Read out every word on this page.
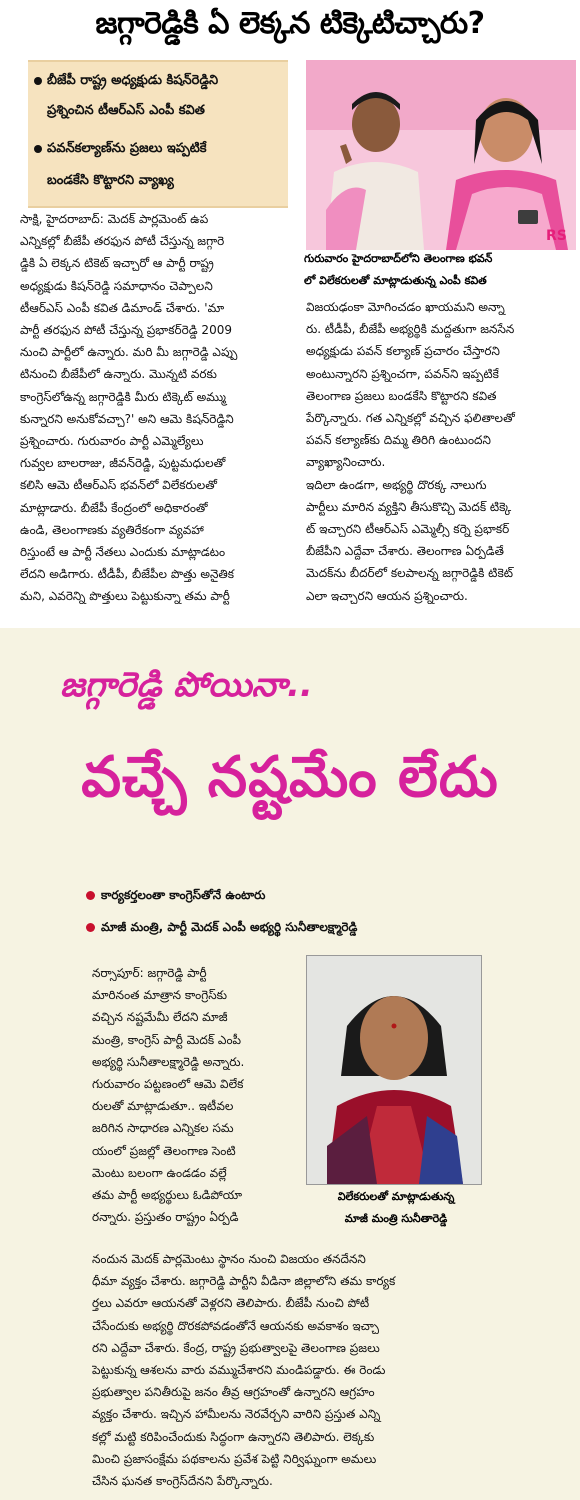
జగ్గారెడ్డికి ఏ లెక్కన టిక్కెటిచ్చారు?
బీజేపీ రాష్ట్ర అధ్యక్షుడు కిషన్‌రెడ్డిని
ప్రశ్నించిన టీఆర్‌ఎస్ ఎంపీ కవిత
పవన్‌కల్యాణ్‌ను ప్రజలు ఇప్పటికే
బండకేసి కొట్టారని వ్యాఖ్య
RS
గురువారం హైదరాబాద్‌లోని తెలంగాణ భవన్
లో విలేకరులతో మాట్లాడుతున్న ఎంపీ కవిత
సాక్షి, హైదరాబాద్: మెదక్ పార్లమెంట్ ఉప
ఎన్నికల్లో బీజేపీ తరఫున పోటీ చేస్తున్న జగ్గారె
డ్డికి ఏ లెక్కన టికెట్ ఇచ్చారో ఆ పార్టీ రాష్ట్ర
అధ్యక్షుడు కిషన్‌రెడ్డి సమాధానం చెప్పాలని
టీఆర్‌ఎస్ ఎంపీ కవిత డిమాండ్ చేశారు. 'మా
పార్టీ తరఫున పోటీ చేస్తున్న ప్రభాకర్‌రెడ్డి 2009
నుంచి పార్టీలో ఉన్నారు. మరి మీ జగ్గారెడ్డి ఎప్పు
టినుంచి బీజేపీలో ఉన్నారు. మొన్నటి వరకు
కాంగ్రెస్‌లోఉన్న జగ్గారెడ్డికి మీరు టిక్కెట్ అమ్ము
కున్నారని అనుకోవచ్చా?' అని ఆమె కిషన్‌రెడ్డిని
ప్రశ్నించారు. గురువారం పార్టీ ఎమ్మెల్యేలు
గువ్వల బాలరాజు, జీవన్‌రెడ్డి, పుట్టమధులతో
కలిసి ఆమె టీఆర్‌ఎస్ భవన్‌లో విలేకరులతో
మాట్లాడారు. బీజేపీ కేంద్రంలో అధికారంతో
ఉండి, తెలంగాణకు వ్యతిరేకంగా వ్యవహా
రిస్తుంటే ఆ పార్టీ నేతలు ఎందుకు మాట్లాడటం
లేదని అడిగారు. టీడీపీ, బీజేపీల పొత్తు అనైతిక
మని, ఎవరెన్ని పొత్తులు పెట్టుకున్నా తమ పార్టీ
విజయఢంకా మోగించడం ఖాయమని అన్నా
రు. టీడీపీ, బీజేపీ అభ్యర్థికి మద్దతుగా జనసేన
అధ్యక్షుడు పవన్ కల్యాణ్ ప్రచారం చేస్తారని
అంటున్నారని ప్రశ్నించగా, పవన్‌ని ఇప్పటికే
తెలంగాణ ప్రజలు బండకేసి కొట్టారని కవిత
పేర్కొన్నారు. గత ఎన్నికల్లో వచ్చిన ఫలితాలతో
పవన్ కల్యాణ్‌కు దిమ్మ తిరిగి ఉంటుందని
వ్యాఖ్యానించారు.
ఇదిలా ఉండగా, అభ్యర్థి దొరక్క నాలుగు
పార్టీలు మారిన వ్యక్తిని తీసుకొచ్చి మెదక్ టిక్కె
ట్ ఇచ్చారని టీఆర్‌ఎస్ ఎమ్మెల్సీ కర్నె ప్రభాకర్
బీజేపీని ఎద్దేవా చేశారు. తెలంగాణ ఏర్పడితే
మెదక్‌ను బీదర్‌లో కలపాలన్న జగ్గారెడ్డికి టికెట్
ఎలా ఇచ్చారని ఆయన ప్రశ్నించారు.
జగ్గారెడ్డి పోయినా..
వచ్చే నష్టమేం లేదు
కార్యకర్తలంతా కాంగ్రెస్‌తోనే ఉంటారు
మాజీ మంత్రి, పార్టీ మెదక్ ఎంపీ అభ్యర్థి సునీతాలక్ష్మారెడ్డి
విలేకరులతో మాట్లాడుతున్న
మాజీ మంత్రి సునీతారెడ్డి
నర్సాపూర్: జగ్గారెడ్డి పార్టీ
మారినంత మాత్రాన కాంగ్రెస్‌కు
వచ్చిన నష్టమేమీ లేదని మాజీ
మంత్రి, కాంగ్రెస్ పార్టీ మెదక్ ఎంపీ
అభ్యర్థి సునీతాలక్ష్మారెడ్డి అన్నారు.
గురువారం పట్టణంలో ఆమె విలేక
రులతో మాట్లాడుతూ.. ఇటీవల
జరిగిన సాధారణ ఎన్నికల సమ
యంలో ప్రజల్లో తెలంగాణ సెంటి
మెంటు బలంగా ఉండడం వల్లే
తమ పార్టీ అభ్యర్థులు ఓడిపోయా
రన్నారు. ప్రస్తుతం రాష్ట్రం ఏర్పడి
నందున మెదక్ పార్లమెంటు స్థానం నుంచి విజయం తనదేనని
ధీమా వ్యక్తం చేశారు. జగ్గారెడ్డి పార్టీని వీడినా జిల్లాలోని తమ కార్యక
ర్తలు ఎవరూ ఆయనతో వెళ్లరని తెలిపారు. బీజేపీ నుంచి పోటీ
చేసేందుకు అభ్యర్థి దొరకపోవడంతోనే ఆయనకు అవకాశం ఇచ్చా
రని ఎద్దేవా చేశారు. కేంద్ర, రాష్ట్ర ప్రభుత్వాలపై తెలంగాణ ప్రజలు
పెట్టుకున్న ఆశలను వారు వమ్ముచేశారని మండిపడ్డారు. ఈ రెండు
ప్రభుత్వాల పనితీరుపై జనం తీవ్ర ఆగ్రహంతో ఉన్నారని ఆగ్రహం
వ్యక్తం చేశారు. ఇచ్చిన హామీలను నెరవేర్చని వారిని ప్రస్తుత ఎన్ని
కల్లో మట్టి కరిపించేందుకు సిద్ధంగా ఉన్నారని తెలిపారు. లెక్కకు
మించి ప్రజాసంక్షేమ పథకాలను ప్రవేశ పెట్టి నిర్విఘ్నంగా అమలు
చేసిన ఘనత కాంగ్రెస్‌దేనని పేర్కొన్నారు.
